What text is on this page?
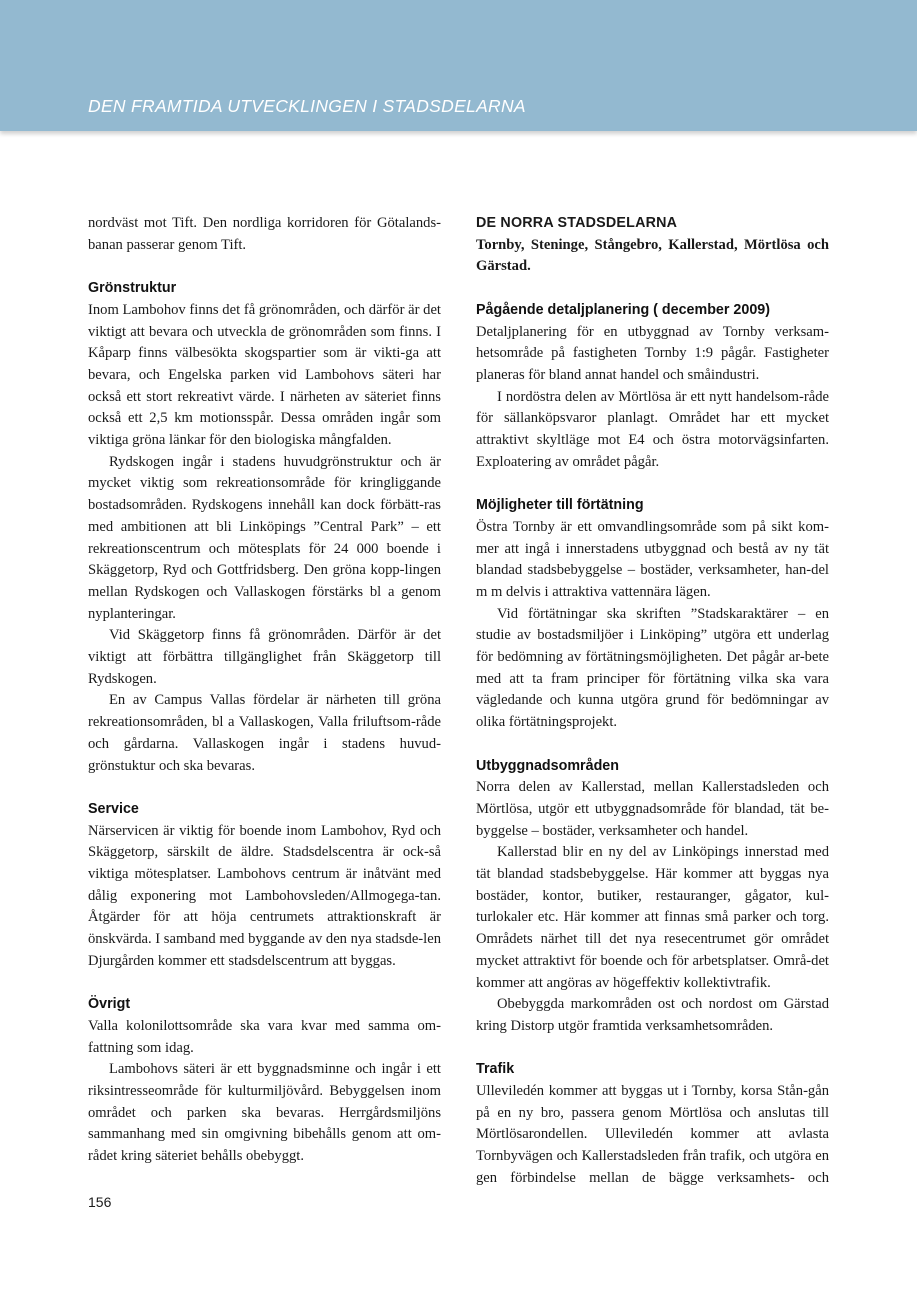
DEN FRAMTIDA UTVECKLINGEN I STADSDELARNA

nordväst mot Tift. Den nordliga korridoren för Götalands-banan passerar genom Tift.

Grönstruktur

Inom Lambohov finns det få grönområden, och därför är det viktigt att bevara och utveckla de grönområden som finns. I Kåparp finns välbesökta skogspartier som är vikti-ga att bevara, och Engelska parken vid Lambohovs säteri har också ett stort rekreativt värde. I närheten av säteriet finns också ett 2,5 km motionsspår. Dessa områden ingår som viktiga gröna länkar för den biologiska mångfalden.

Rydskogen ingår i stadens huvudgrönstruktur och är mycket viktig som rekreationsområde för kringliggande bostadsområden. Rydskogens innehåll kan dock förbätt-ras med ambitionen att bli Linköpings ”Central Park” – ett rekreationscentrum och mötesplats för 24 000 boende i Skäggetorp, Ryd och Gottfridsberg. Den gröna kopp-lingen mellan Rydskogen och Vallaskogen förstärks bl a genom nyplanteringar.

Vid Skäggetorp finns få grönområden. Därför är det viktigt att förbättra tillgänglighet från Skäggetorp till Rydskogen.

En av Campus Vallas fördelar är närheten till gröna rekreationsområden, bl a Vallaskogen, Valla friluftsom-råde och gårdarna. Vallaskogen ingår i stadens huvud-grönstuktur och ska bevaras.

Service

Närservicen är viktig för boende inom Lambohov, Ryd och Skäggetorp, särskilt de äldre. Stadsdelscentra är ock-så viktiga mötesplatser. Lambohovs centrum är inåtvänt med dålig exponering mot Lambohovsleden/Allmogega-tan. Åtgärder för att höja centrumets attraktionskraft är önskvärda. I samband med byggande av den nya stadsde-len Djurgården kommer ett stadsdelscentrum att byggas.

Övrigt

Valla kolonilottsområde ska vara kvar med samma om-fattning som idag.

Lambohovs säteri är ett byggnadsminne och ingår i ett riksintresseområde för kulturmiljövård. Bebyggelsen inom området och parken ska bevaras. Herrgårdsmiljöns sammanhang med sin omgivning bibehålls genom att om-rådet kring säteriet behålls obebyggt.

DE NORRA STADSDELARNA

Tornby, Steninge, Stångebro, Kallerstad, Mörtlösa och Gärstad.

Pågående detaljplanering ( december 2009)

Detaljplanering för en utbyggnad av Tornby verksam-hetsområde på fastigheten Tornby 1:9 pågår. Fastigheter planeras för bland annat handel och småindustri.

I nordöstra delen av Mörtlösa är ett nytt handelsom-råde för sällanköpsvaror planlagt. Området har ett mycket attraktivt skyltläge mot E4 och östra motorvägsinfarten. Exploatering av området pågår.

Möjligheter till förtätning

Östra Tornby är ett omvandlingsområde som på sikt kom-mer att ingå i innerstadens utbyggnad och bestå av ny tät blandad stadsbebyggelse – bostäder, verksamheter, han-del m m delvis i attraktiva vattennära lägen.

Vid förtätningar ska skriften ”Stadskaraktärer – en studie av bostadsmiljöer i Linköping” utgöra ett underlag för bedömning av förtätningsmöjligheten. Det pågår ar-bete med att ta fram principer för förtätning vilka ska vara vägledande och kunna utgöra grund för bedömningar av olika förtätningsprojekt.

Utbyggnadsområden

Norra delen av Kallerstad, mellan Kallerstadsleden och Mörtlösa, utgör ett utbyggnadsområde för blandad, tät be-byggelse – bostäder, verksamheter och handel.

Kallerstad blir en ny del av Linköpings innerstad med tät blandad stadsbebyggelse. Här kommer att byggas nya bostäder, kontor, butiker, restauranger, gågator, kul-turlokaler etc. Här kommer att finnas små parker och torg. Områdets närhet till det nya resecentrumet gör området mycket attraktivt för boende och för arbetsplatser. Områ-det kommer att angöras av högeffektiv kollektivtrafik.

Obebyggda markområden ost och nordost om Gärstad kring Distorp utgör framtida verksamhetsområden.

Trafik

Ulleviledén kommer att byggas ut i Tornby, korsa Stån-gån på en ny bro, passera genom Mörtlösa och anslutas till Mörtlösarondellen. Ulleviledén kommer att avlasta Tornbyvägen och Kallerstadsleden från trafik, och utgöra en gen förbindelse mellan de bägge verksamhets- och

156
